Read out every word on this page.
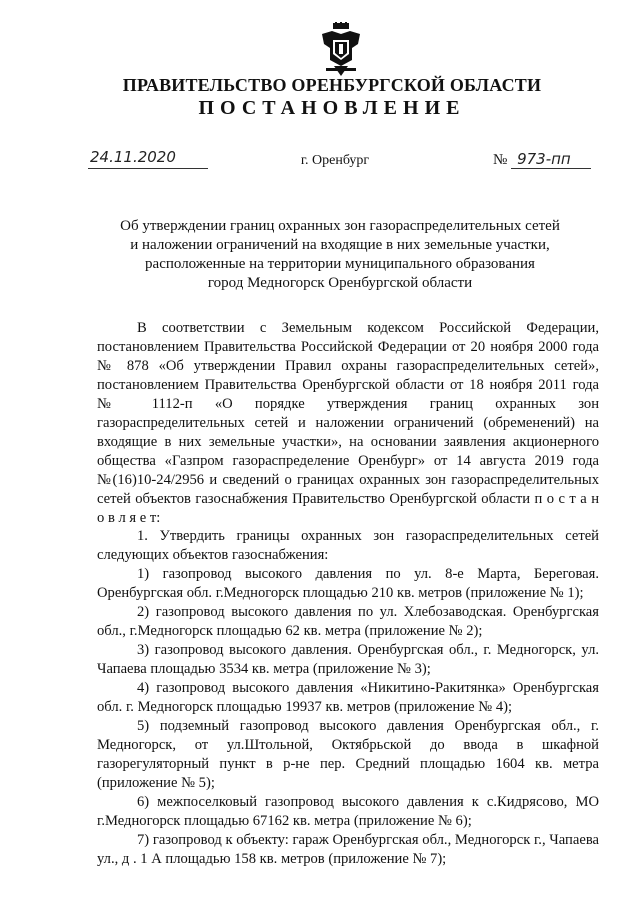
ПРАВИТЕЛЬСТВО ОРЕНБУРГСКОЙ ОБЛАСТИ
ПОСТАНОВЛЕНИЕ
24.11.2020	г. Оренбург	№ 973-пп
Об утверждении границ охранных зон газораспределительных сетей
и наложении ограничений на входящие в них земельные участки,
расположенные на территории муниципального образования
город Медногорск Оренбургской области

В соответствии с Земельным кодексом Российской Федерации, постановлением Правительства Российской Федерации от 20 ноября 2000 года № 878 «Об утверждении Правил охраны газораспределительных сетей», постановлением Правительства Оренбургской области от 18 ноября 2011 года № 1112-п «О порядке утверждения границ охранных зон газораспределительных сетей и наложении ограничений (обременений) на входящие в них земельные участки», на основании заявления акционерного общества «Газпром газораспределение Оренбург» от 14 августа 2019 года №(16)10-24/2956 и сведений о границах охранных зон газораспределительных сетей объектов газоснабжения Правительство Оренбургской области п о с т а н о в л я е т:

1. Утвердить границы охранных зон газораспределительных сетей следующих объектов газоснабжения:

1) газопровод высокого давления по ул. 8-е Марта, Береговая. Оренбургская обл. г.Медногорск площадью 210 кв. метров (приложение № 1);

2) газопровод высокого давления по ул. Хлебозаводская. Оренбургская обл., г.Медногорск площадью 62 кв. метра (приложение № 2);

3) газопровод высокого давления. Оренбургская обл., г. Медногорск, ул. Чапаева площадью 3534 кв. метра (приложение № 3);

4) газопровод высокого давления «Никитино-Ракитянка» Оренбургская обл. г. Медногорск площадью 19937 кв. метров (приложение № 4);

5) подземный газопровод высокого давления Оренбургская обл., г. Медногорск, от ул.Штольной, Октябрьской до ввода в шкафной газорегуляторный пункт в р-не пер. Средний площадью 1604 кв. метра (приложение № 5);

6) межпоселковый газопровод высокого давления к с.Кидрясово, МО г.Медногорск площадью 67162 кв. метра (приложение № 6);

7) газопровод к объекту: гараж Оренбургская обл., Медногорск г., Чапаева ул., д . 1 А площадью 158 кв. метров (приложение № 7);
